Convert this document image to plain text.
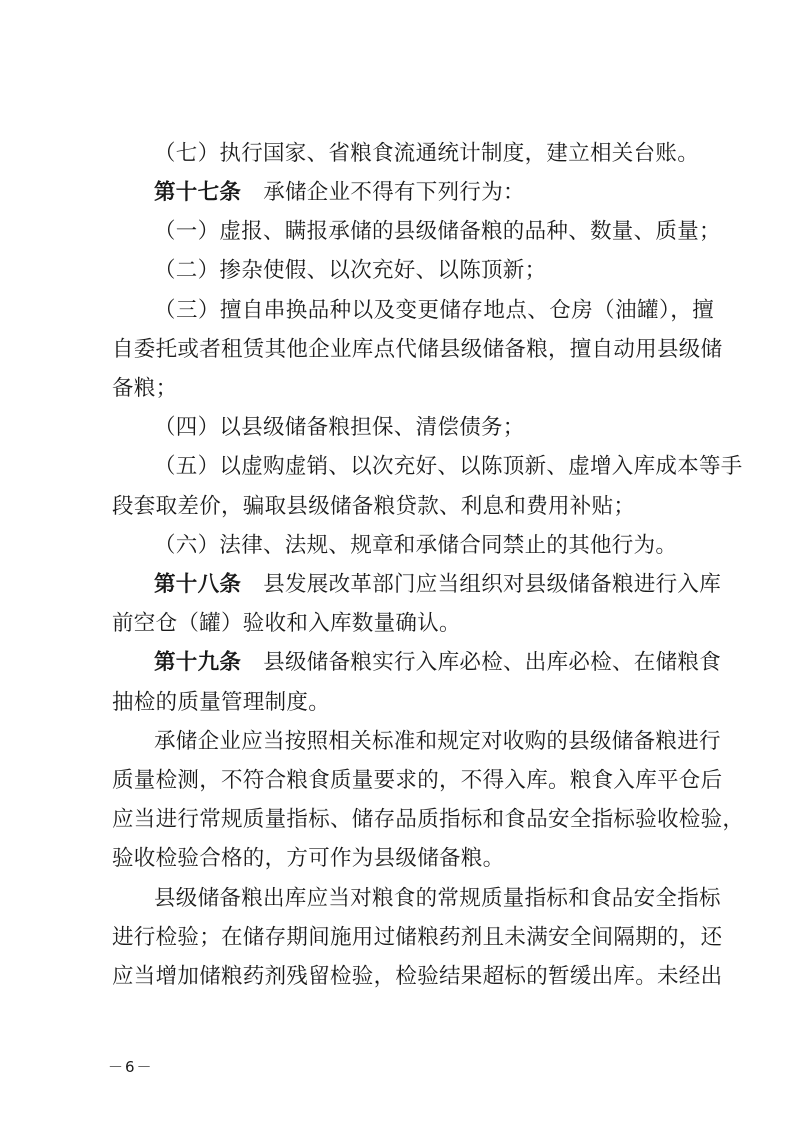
（七）执行国家、省粮食流通统计制度，建立相关台账。
第十七条 承储企业不得有下列行为：
（一）虚报、瞒报承储的县级储备粮的品种、数量、质量；
（二）掺杂使假、以次充好、以陈顶新；
（三）擅自串换品种以及变更储存地点、仓房（油罐），擅
自委托或者租赁其他企业库点代储县级储备粮，擅自动用县级储
备粮；
（四）以县级储备粮担保、清偿债务；
（五）以虚购虚销、以次充好、以陈顶新、虚增入库成本等手
段套取差价，骗取县级储备粮贷款、利息和费用补贴；
（六）法律、法规、规章和承储合同禁止的其他行为。
第十八条 县发展改革部门应当组织对县级储备粮进行入库
前空仓（罐）验收和入库数量确认。
第十九条 县级储备粮实行入库必检、出库必检、在储粮食
抽检的质量管理制度。
承储企业应当按照相关标准和规定对收购的县级储备粮进行
质量检测，不符合粮食质量要求的，不得入库。粮食入库平仓后
应当进行常规质量指标、储存品质指标和食品安全指标验收检验，
验收检验合格的，方可作为县级储备粮。
县级储备粮出库应当对粮食的常规质量指标和食品安全指标
进行检验；在储存期间施用过储粮药剂且未满安全间隔期的，还
应当增加储粮药剂残留检验，检验结果超标的暂缓出库。未经出
－6－
